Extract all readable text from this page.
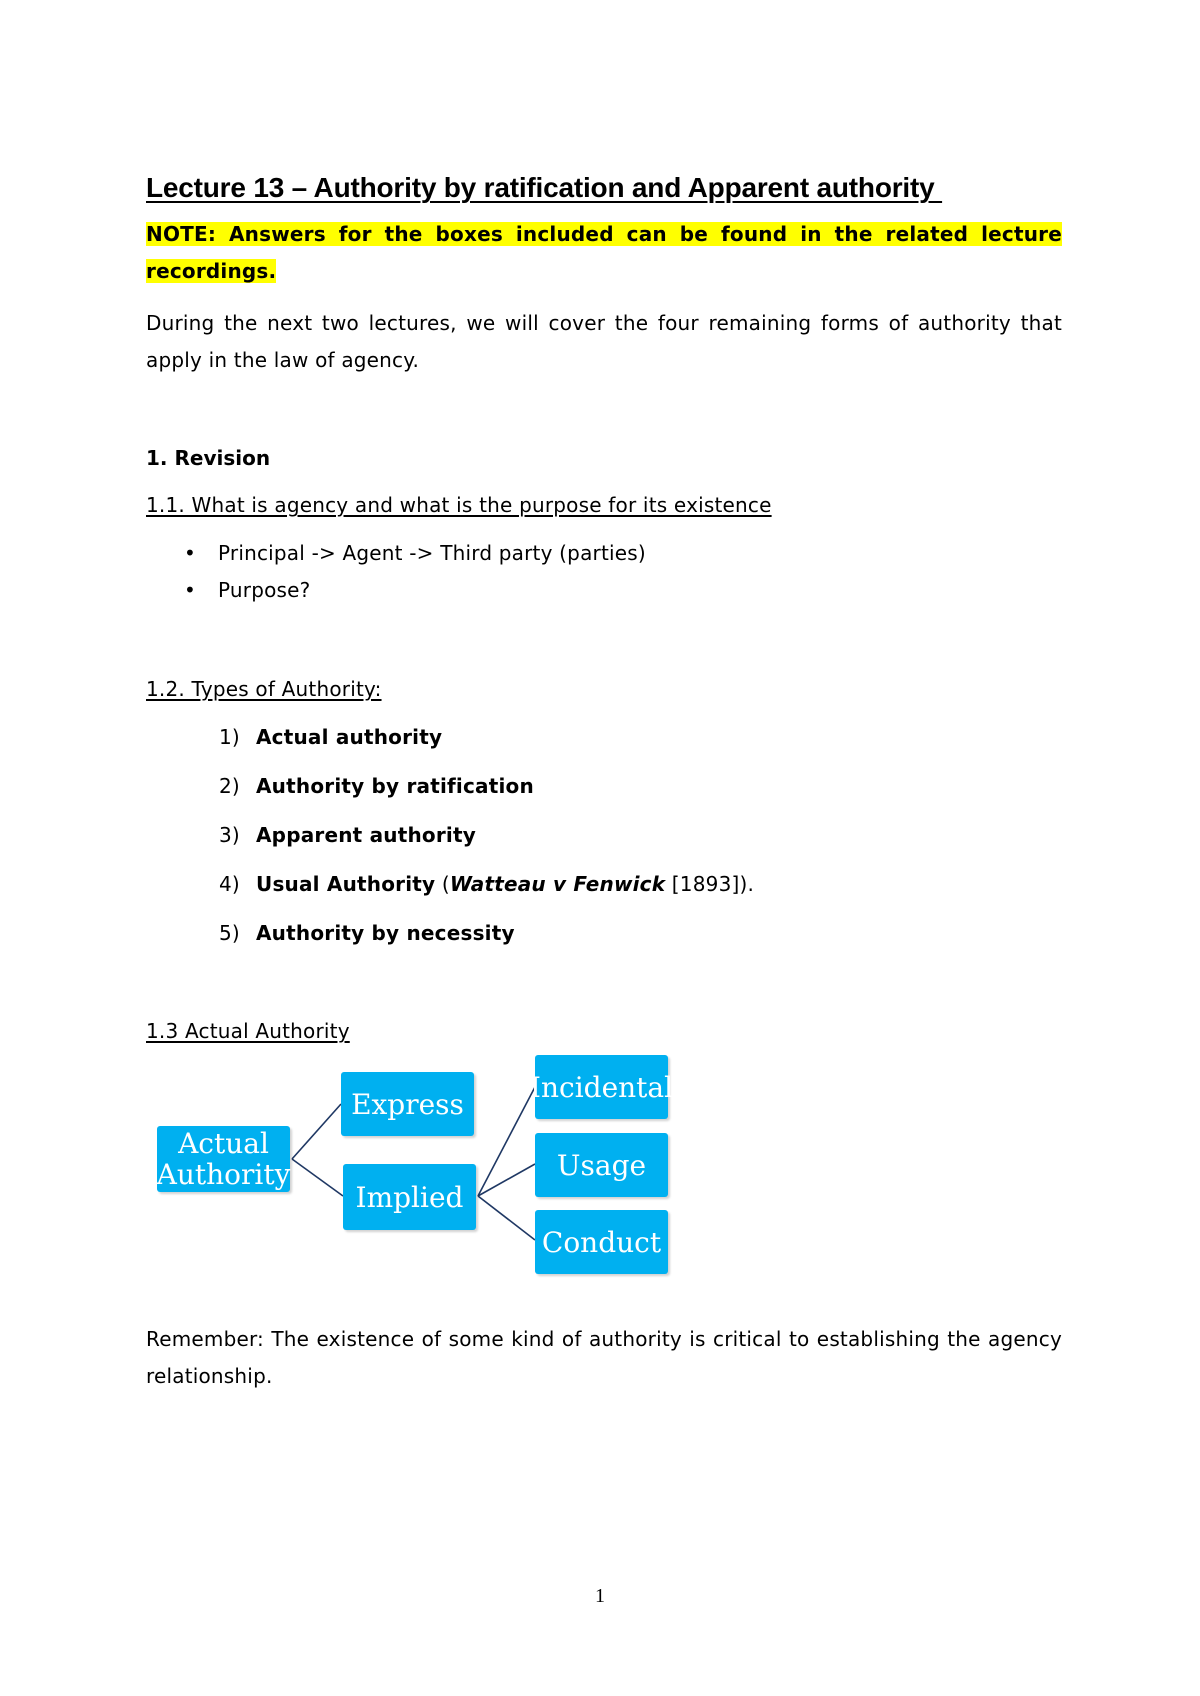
Lecture 13 – Authority by ratification and Apparent authority
NOTE: Answers for the boxes included can be found in the related lecture recordings.
During the next two lectures, we will cover the four remaining forms of authority that apply in the law of agency.
1. Revision
1.1. What is agency and what is the purpose for its existence
• Principal -> Agent -> Third party (parties)
• Purpose?
1.2. Types of Authority:
1) Actual authority
2) Authority by ratification
3) Apparent authority
4) Usual Authority (Watteau v Fenwick [1893]).
5) Authority by necessity
1.3 Actual Authority
Actual Authority
Express
Implied
Incidental
Usage
Conduct
Remember: The existence of some kind of authority is critical to establishing the agency relationship.
1
